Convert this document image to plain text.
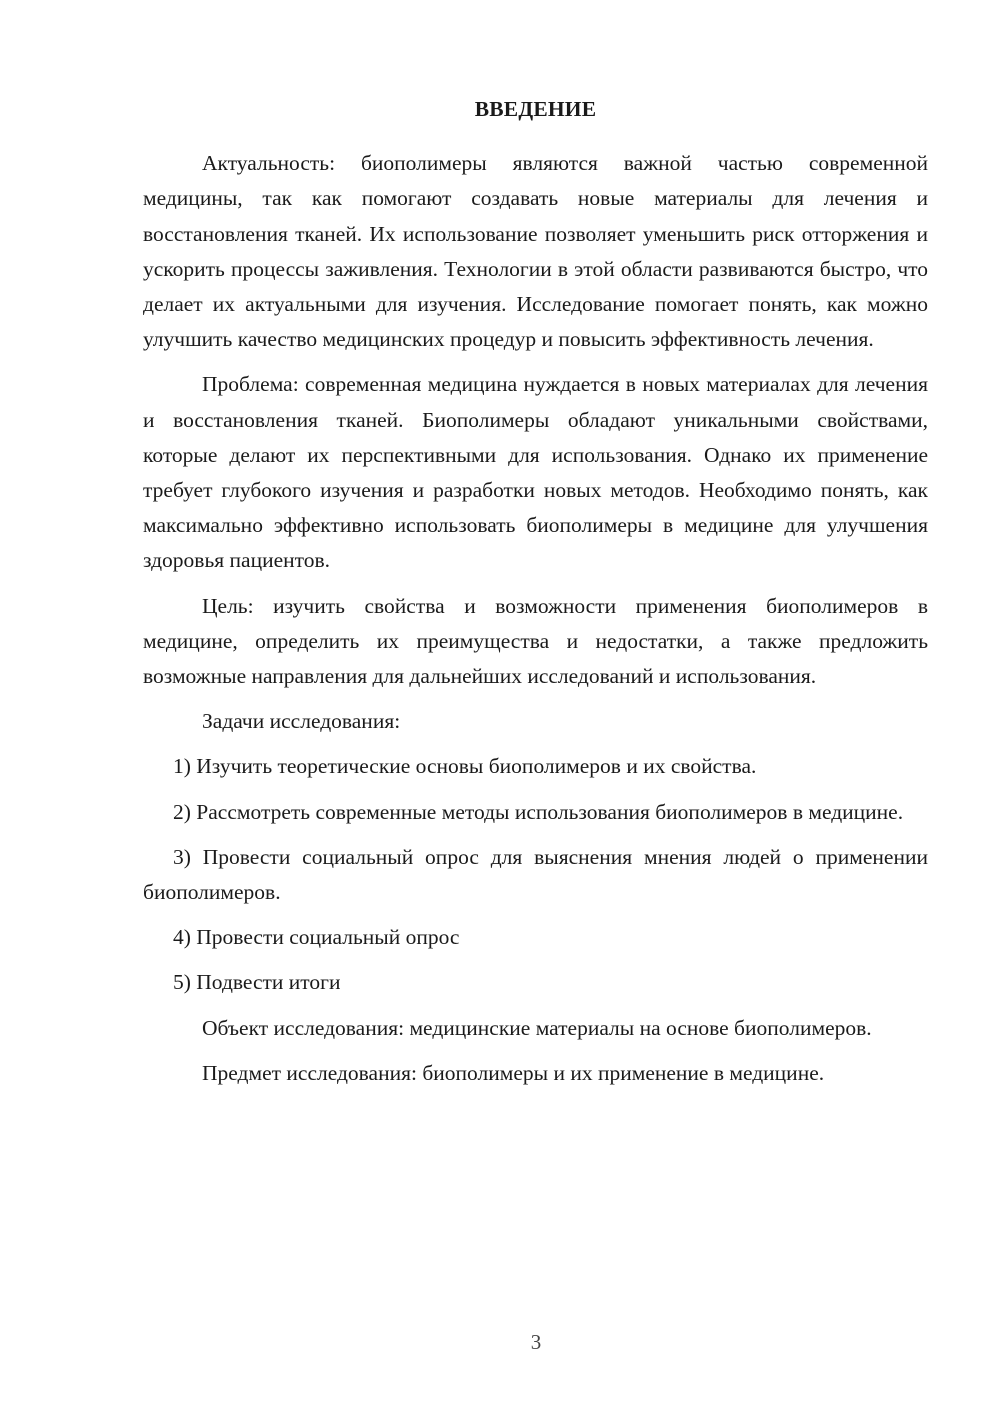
ВВЕДЕНИЕ

Актуальность: биополимеры являются важной частью современной медицины, так как помогают создавать новые материалы для лечения и восстановления тканей. Их использование позволяет уменьшить риск отторжения и ускорить процессы заживления. Технологии в этой области развиваются быстро, что делает их актуальными для изучения. Исследование помогает понять, как можно улучшить качество медицинских процедур и повысить эффективность лечения.

Проблема: современная медицина нуждается в новых материалах для лечения и восстановления тканей. Биополимеры обладают уникальными свойствами, которые делают их перспективными для использования. Однако их применение требует глубокого изучения и разработки новых методов. Необходимо понять, как максимально эффективно использовать биополимеры в медицине для улучшения здоровья пациентов.

Цель: изучить свойства и возможности применения биополимеров в медицине, определить их преимущества и недостатки, а также предложить возможные направления для дальнейших исследований и использования.

Задачи исследования:

1) Изучить теоретические основы биополимеров и их свойства.

2) Рассмотреть современные методы использования биополимеров в медицине.

3) Провести социальный опрос для выяснения мнения людей о применении биополимеров.

4) Провести социальный опрос

5) Подвести итоги

Объект исследования: медицинские материалы на основе биополимеров.

Предмет исследования: биополимеры и их применение в медицине.

3
